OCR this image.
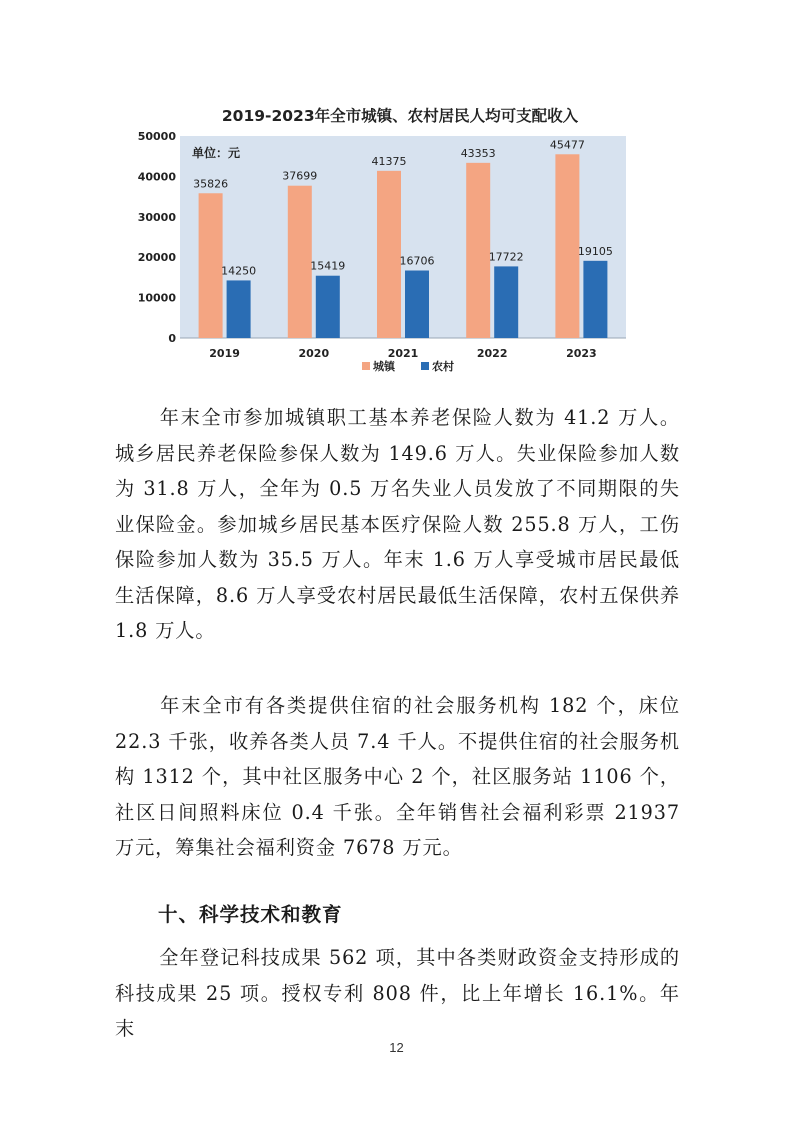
2019-2023年全市城镇、农村居民人均可支配收入
0
10000
20000
30000
40000
50000
35826
14250
2019
37699
15419
2020
41375
16706
2021
43353
17722
2022
45477
19105
2023
单位：元
城镇	农村

年末全市参加城镇职工基本养老保险人数为 41.2 万人。城乡居民养老保险参保人数为 149.6 万人。失业保险参加人数为 31.8 万人，全年为 0.5 万名失业人员发放了不同期限的失业保险金。参加城乡居民基本医疗保险人数 255.8 万人，工伤保险参加人数为 35.5 万人。年末 1.6 万人享受城市居民最低生活保障，8.6 万人享受农村居民最低生活保障，农村五保供养 1.8 万人。

年末全市有各类提供住宿的社会服务机构 182 个，床位 22.3 千张，收养各类人员 7.4 千人。不提供住宿的社会服务机构 1312 个，其中社区服务中心 2 个，社区服务站 1106 个，社区日间照料床位 0.4 千张。全年销售社会福利彩票 21937 万元，筹集社会福利资金 7678 万元。

十、科学技术和教育

全年登记科技成果 562 项，其中各类财政资金支持形成的科技成果 25 项。授权专利 808 件，比上年增长 16.1%。年末

12
